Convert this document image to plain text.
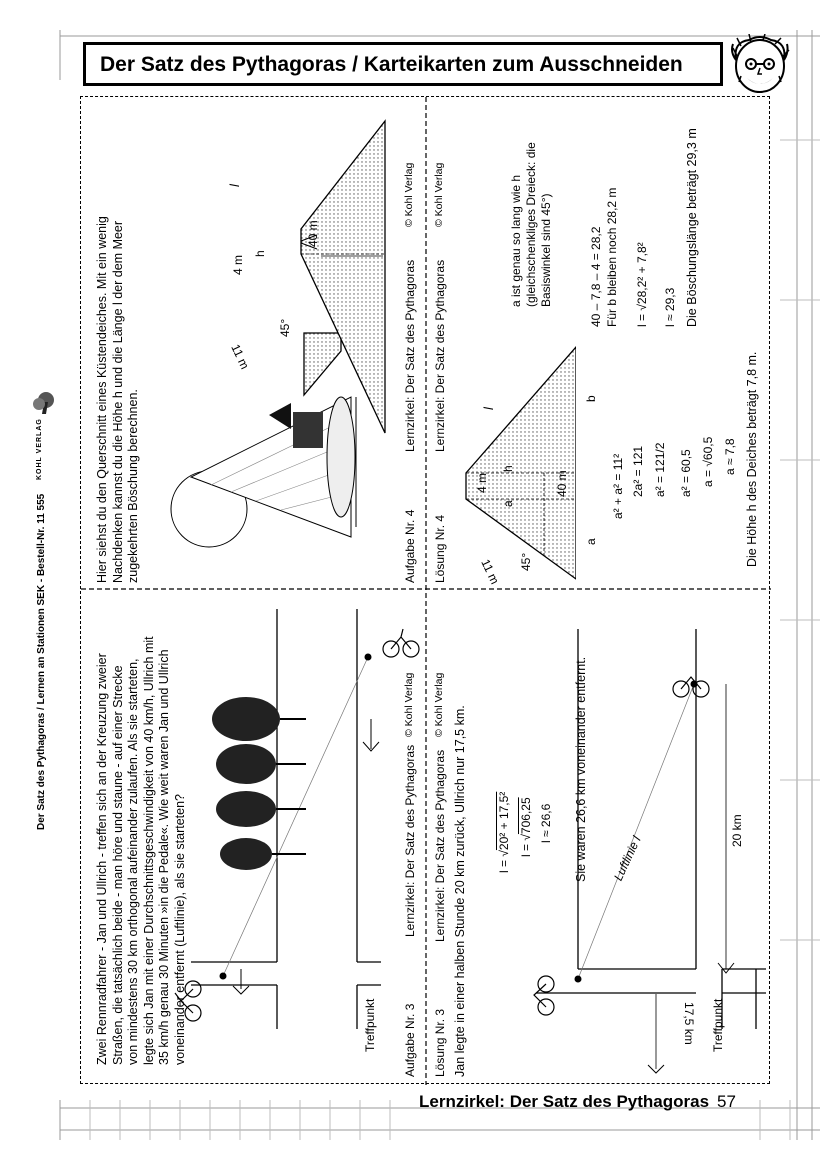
Der Satz des Pythagoras / Karteikarten zum Ausschneiden
KOHL VERLAG
Der Satz des Pythagoras / Lernen an Stationen SEK - Bestell-Nr. 11 555	Zwei Rennradfahrer - Jan und Ullrich - treffen sich an der Kreuzung zweier Straßen, die tatsächlich beide - man höre und staune - auf einer Strecke von mindestens 30 km orthogonal aufeinander zulaufen. Als sie starteten, legte sich Jan mit einer Durchschnittsgeschwindigkeit von 40 km/h, Ullrich mit 35 km/h genau 30 Minuten »in die Pedale«. Wie weit waren Jan und Ullrich voneinander entfernt (Luftlinie), als sie starteten?	Treffpunkt Aufgabe Nr. 3
Lernzirkel: Der Satz des Pythagoras
© Kohl Verlag
Jan legte in einer halben Stunde 20 km zurück, Ullrich nur 17,5 km.	l = √20² + 17,5²
l = √706,25 l ≈ 26,6 Sie waren 26,6 km voneinander entfernt. Luftlinie l
20 km
17,5 km Treffpunkt
Lösung Nr. 3
Lernzirkel: Der Satz des Pythagoras
© Kohl Verlag
Hier siehst du den Querschnitt eines Küstendeiches. Mit ein wenig Nachdenken kannst du die Höhe h und die Länge l der dem Meer zugekehrten Böschung berechnen.
11 m
4 m
40 m
h
l
45°
Aufgabe Nr. 4
Lernzirkel: Der Satz des Pythagoras
© Kohl Verlag
11 m
4 m	40 m
h
l
a
a
b
45°
a ist genau so lang wie h (gleichschenkliges Dreieck: die Basiswinkel sind 45°)
a² + a² = 11² 2a² = 121 a² = 121/2 a² = 60,5 a = √60,5 a ≈ 7,8
40 – 7,8 – 4 = 28,2 Für b bleiben noch 28,2 m l = √28,2² + 7,8² l ≈ 29,3
Die Höhe h des Deiches beträgt 7,8 m.
Die Böschungslänge beträgt 29,3 m
Lösung Nr. 4
Lernzirkel: Der Satz des Pythagoras
© Kohl Verlag
Lernzirkel: Der Satz des Pythagoras 57
